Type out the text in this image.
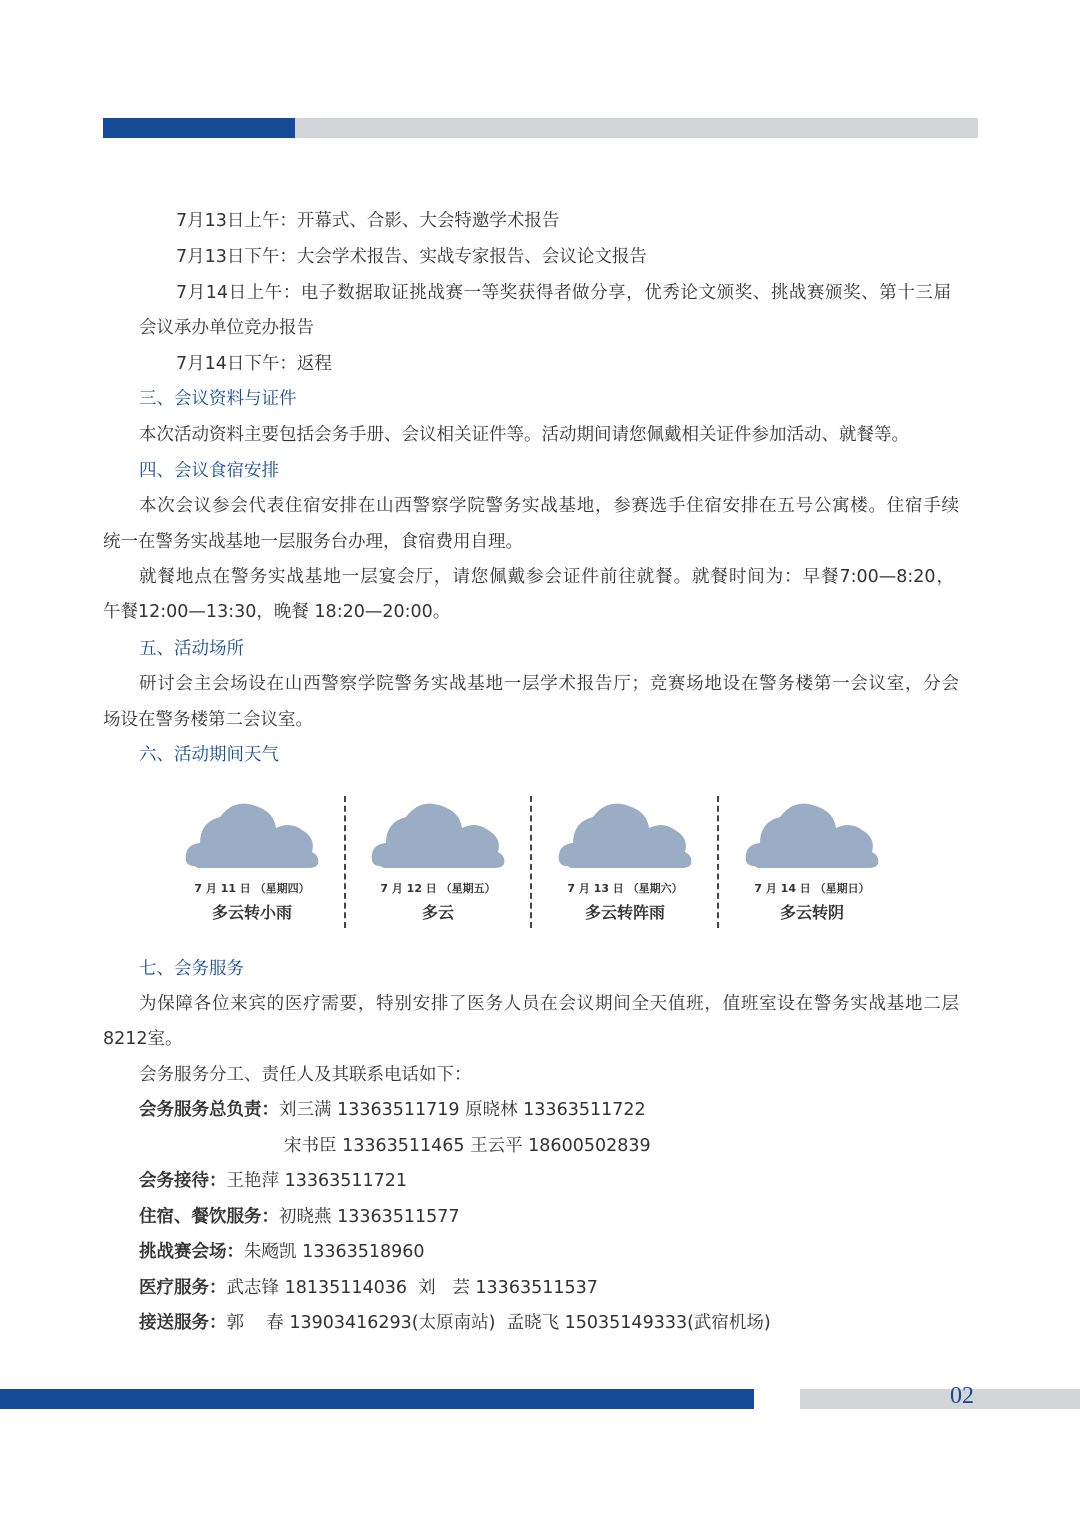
7月13日上午：开幕式、合影、大会特邀学术报告
7月13日下午：大会学术报告、实战专家报告、会议论文报告
7月14日上午：电子数据取证挑战赛一等奖获得者做分享，优秀论文颁奖、挑战赛颁奖、第十三届
会议承办单位竞办报告
7月14日下午：返程
三、会议资料与证件
本次活动资料主要包括会务手册、会议相关证件等。活动期间请您佩戴相关证件参加活动、就餐等。
四、会议食宿安排
本次会议参会代表住宿安排在山西警察学院警务实战基地，参赛选手住宿安排在五号公寓楼。住宿手续
统一在警务实战基地一层服务台办理，食宿费用自理。
就餐地点在警务实战基地一层宴会厅，请您佩戴参会证件前往就餐。就餐时间为：早餐7:00—8:20，
午餐12:00—13:30，晚餐 18:20—20:00。
五、活动场所
研讨会主会场设在山西警察学院警务实战基地一层学术报告厅；竞赛场地设在警务楼第一会议室，分会
场设在警务楼第二会议室。
六、活动期间天气
7 月 11 日 （星期四）
多云转小雨
7 月 12 日 （星期五）
多云
7 月 13 日 （星期六）
多云转阵雨
7 月 14 日 （星期日）
多云转阴
七、会务服务
为保障各位来宾的医疗需要，特别安排了医务人员在会议期间全天值班，值班室设在警务实战基地二层
8212室。
会务服务分工、责任人及其联系电话如下：
会务服务总负责：刘三满 13363511719 原晓林 13363511722
宋书臣 13363511465 王云平 18600502839
会务接待：王艳萍 13363511721
住宿、餐饮服务：初晓燕 13363511577
挑战赛会场：朱飏凯 13363518960
医疗服务：武志锋 18135114036  刘   芸 13363511537
接送服务：郭    春 13903416293(太原南站)  孟晓飞 15035149333(武宿机场)
02
